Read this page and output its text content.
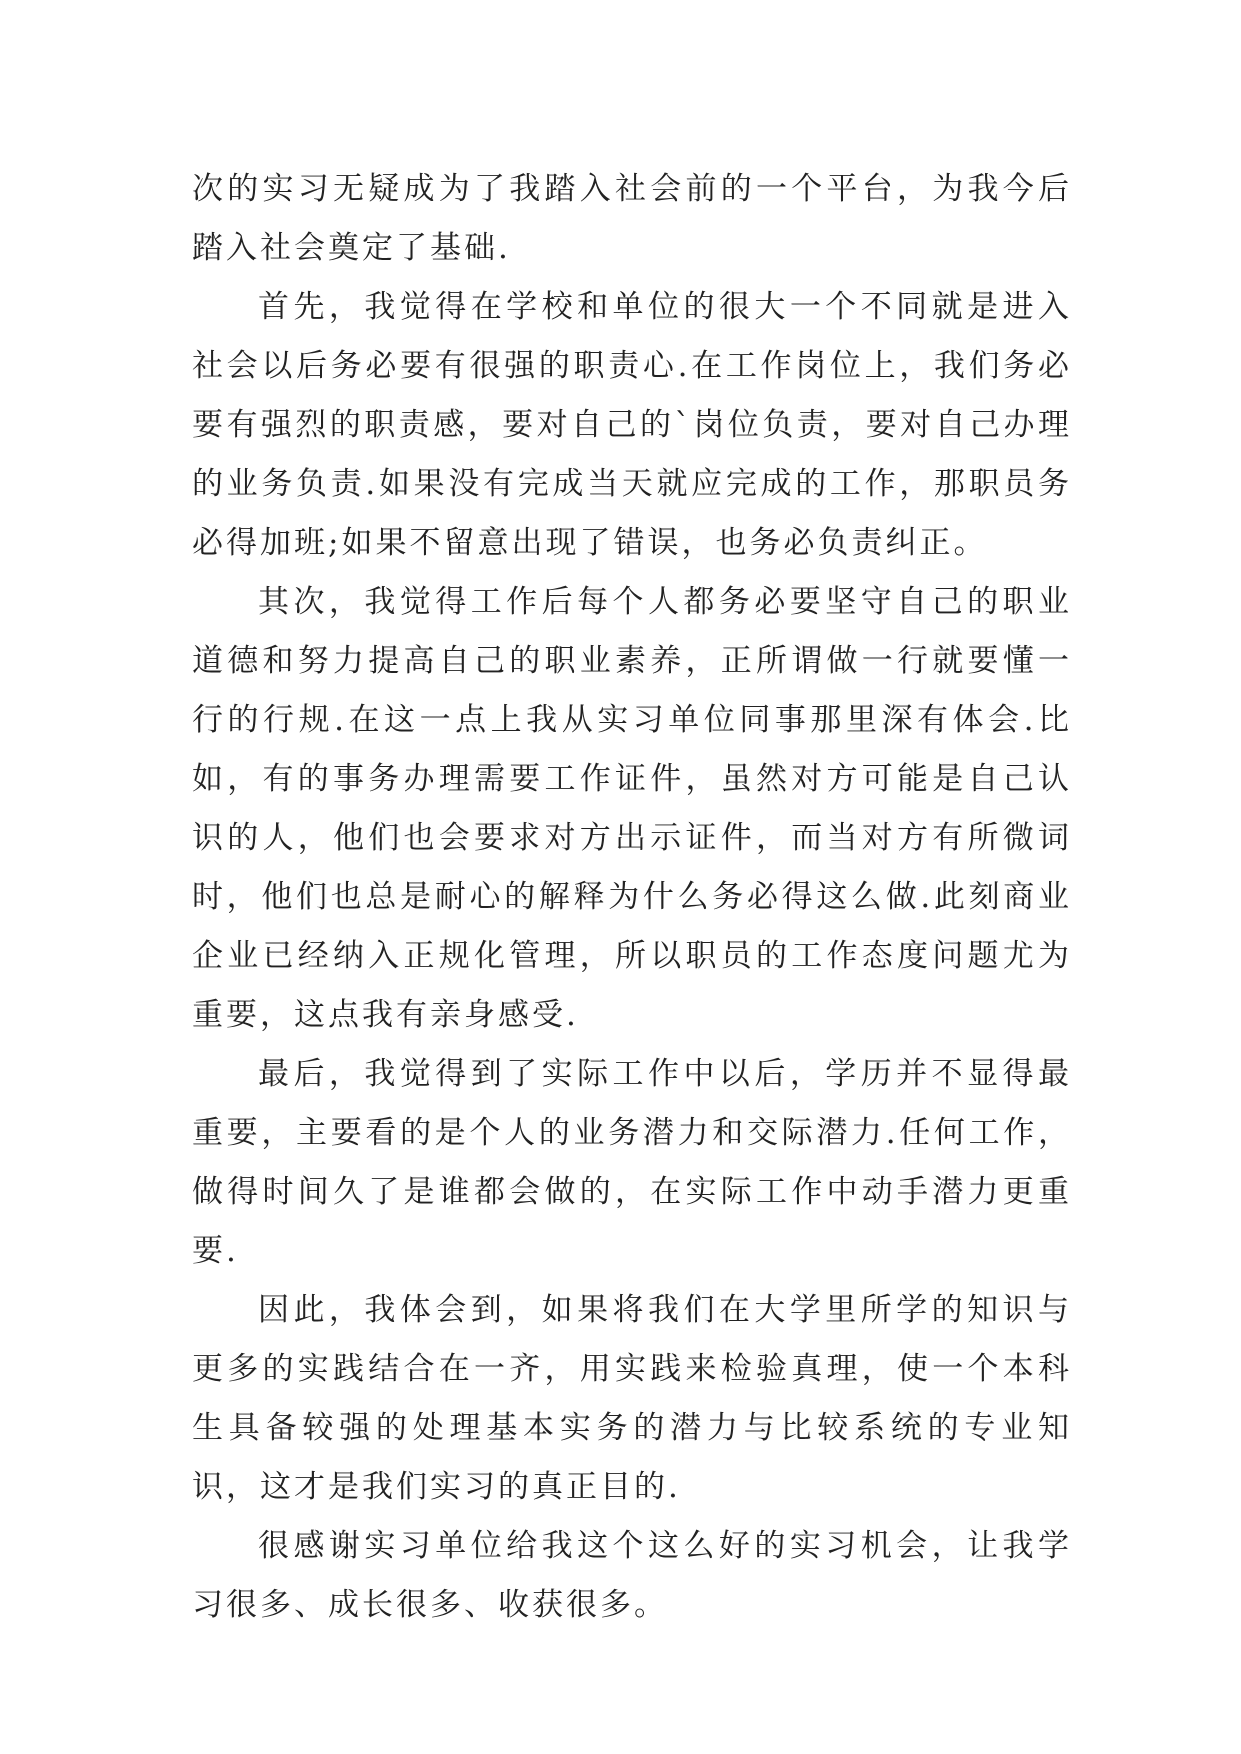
次的实习无疑成为了我踏入社会前的一个平台，为我今后踏入社会奠定了基础.

首先，我觉得在学校和单位的很大一个不同就是进入社会以后务必要有很强的职责心.在工作岗位上，我们务必要有强烈的职责感，要对自己的`岗位负责，要对自己办理的业务负责.如果没有完成当天就应完成的工作，那职员务必得加班;如果不留意出现了错误，也务必负责纠正。

其次，我觉得工作后每个人都务必要坚守自己的职业道德和努力提高自己的职业素养，正所谓做一行就要懂一行的行规.在这一点上我从实习单位同事那里深有体会.比如，有的事务办理需要工作证件，虽然对方可能是自己认识的人，他们也会要求对方出示证件，而当对方有所微词时，他们也总是耐心的解释为什么务必得这么做.此刻商业企业已经纳入正规化管理，所以职员的工作态度问题尤为重要，这点我有亲身感受.

最后，我觉得到了实际工作中以后，学历并不显得最重要，主要看的是个人的业务潜力和交际潜力.任何工作，做得时间久了是谁都会做的，在实际工作中动手潜力更重要.

因此，我体会到，如果将我们在大学里所学的知识与更多的实践结合在一齐，用实践来检验真理，使一个本科生具备较强的处理基本实务的潜力与比较系统的专业知识，这才是我们实习的真正目的.

很感谢实习单位给我这个这么好的实习机会，让我学习很多、成长很多、收获很多。
